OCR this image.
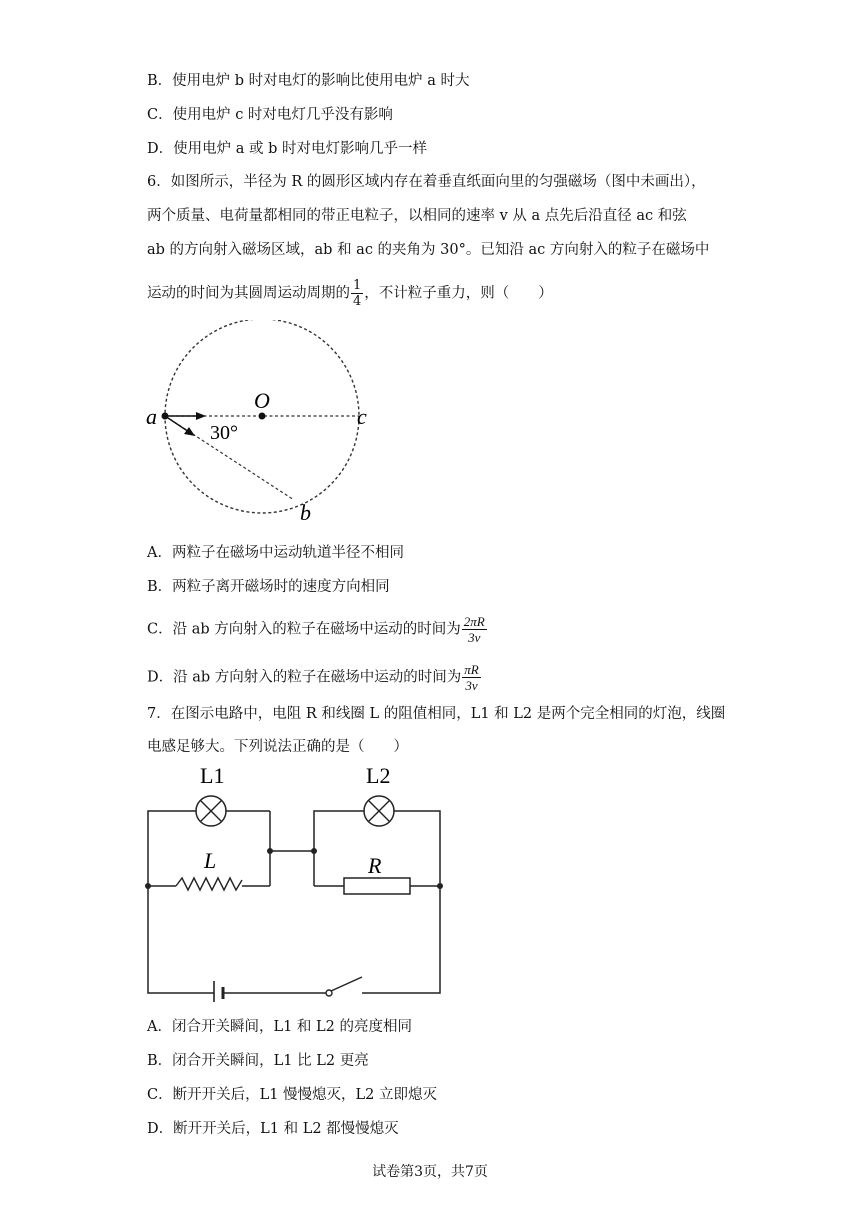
B．使用电炉 b 时对电灯的影响比使用电炉 a 时大
C．使用电炉 c 时对电灯几乎没有影响
D．使用电炉 a 或 b 时对电灯影响几乎一样
6．如图所示，半径为 R 的圆形区域内存在着垂直纸面向里的匀强磁场（图中未画出），
两个质量、电荷量都相同的带正电粒子，以相同的速率 v 从 a 点先后沿直径 ac 和弦
ab 的方向射入磁场区域，ab 和 ac 的夹角为 30°。已知沿 ac 方向射入的粒子在磁场中
运动的时间为其圆周运动周期的 $\frac{1}{4}$ ，不计粒子重力，则（　　）
a
O
c
b
30°
A．两粒子在磁场中运动轨道半径不相同
B．两粒子离开磁场时的速度方向相同
C．沿 ab 方向射入的粒子在磁场中运动的时间为 $\frac{2\pi R}{3v}$
D．沿 ab 方向射入的粒子在磁场中运动的时间为 $\frac{\pi R}{3v}$
7．在图示电路中，电阻 R 和线圈 L 的阻值相同，L1 和 L2 是两个完全相同的灯泡，线圈
电感足够大。下列说法正确的是（　　）
L1	L2
L	R
A．闭合开关瞬间，L1 和 L2 的亮度相同
B．闭合开关瞬间，L1 比 L2 更亮
C．断开开关后，L1 慢慢熄灭，L2 立即熄灭
D．断开开关后，L1 和 L2 都慢慢熄灭
试卷第3页，共7页
